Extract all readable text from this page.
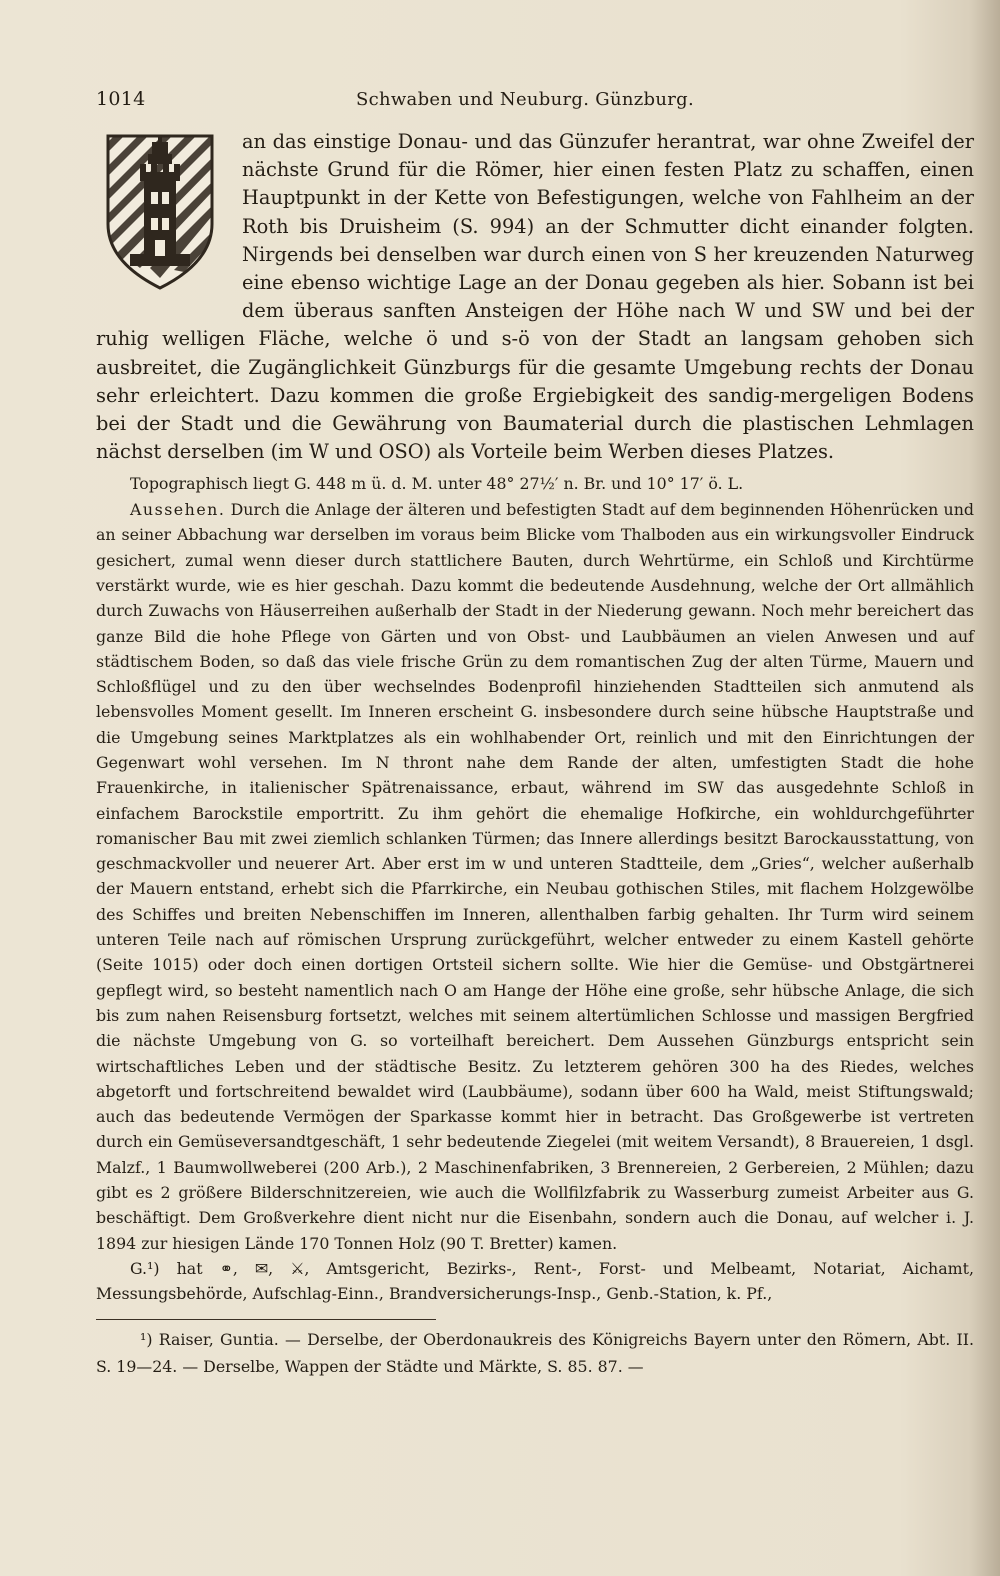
1014	Schwaben und Neuburg. Günzburg.

an das einstige Donau- und das Günzufer herantrat, war ohne Zweifel der nächste Grund für die Römer, hier einen festen Platz zu schaffen, einen Hauptpunkt in der Kette von Befestigungen, welche von Fahlheim an der Roth bis Druisheim (S. 994) an der Schmutter dicht einander folgten. Nirgends bei denselben war durch einen von S her kreuzenden Naturweg eine ebenso wichtige Lage an der Donau gegeben als hier. Sobann ist bei dem überaus sanften Ansteigen der Höhe nach W und SW und bei der ruhig welligen Fläche, welche ö und s-ö von der Stadt an langsam gehoben sich ausbreitet, die Zugänglichkeit Günzburgs für die gesamte Umgebung rechts der Donau sehr erleichtert. Dazu kommen die große Ergiebigkeit des sandig-mergeligen Bodens bei der Stadt und die Gewährung von Baumaterial durch die plastischen Lehmlagen nächst derselben (im W und OSO) als Vorteile beim Werben dieses Platzes.

Topographisch liegt G. 448 m ü. d. M. unter 48° 27½′ n. Br. und 10° 17′ ö. L.

Aussehen. Durch die Anlage der älteren und befestigten Stadt auf dem beginnenden Höhenrücken und an seiner Abbachung war derselben im voraus beim Blicke vom Thalboden aus ein wirkungsvoller Eindruck gesichert, zumal wenn dieser durch stattlichere Bauten, durch Wehrtürme, ein Schloß und Kirchtürme verstärkt wurde, wie es hier geschah. Dazu kommt die bedeutende Ausdehnung, welche der Ort allmählich durch Zuwachs von Häuserreihen außerhalb der Stadt in der Niederung gewann. Noch mehr bereichert das ganze Bild die hohe Pflege von Gärten und von Obst- und Laubbäumen an vielen Anwesen und auf städtischem Boden, so daß das viele frische Grün zu dem romantischen Zug der alten Türme, Mauern und Schloßflügel und zu den über wechselndes Bodenprofil hinziehenden Stadtteilen sich anmutend als lebensvolles Moment gesellt. Im Inneren erscheint G. insbesondere durch seine hübsche Hauptstraße und die Umgebung seines Marktplatzes als ein wohlhabender Ort, reinlich und mit den Einrichtungen der Gegenwart wohl versehen. Im N thront nahe dem Rande der alten, umfestigten Stadt die hohe Frauenkirche, in italienischer Spätrenaissance, erbaut, während im SW das ausgedehnte Schloß in einfachem Barockstile emportritt. Zu ihm gehört die ehemalige Hofkirche, ein wohldurchgeführter romanischer Bau mit zwei ziemlich schlanken Türmen; das Innere allerdings besitzt Barockausstattung, von geschmackvoller und neuerer Art. Aber erst im w und unteren Stadtteile, dem „Gries“, welcher außerhalb der Mauern entstand, erhebt sich die Pfarrkirche, ein Neubau gothischen Stiles, mit flachem Holzgewölbe des Schiffes und breiten Nebenschiffen im Inneren, allenthalben farbig gehalten. Ihr Turm wird seinem unteren Teile nach auf römischen Ursprung zurückgeführt, welcher entweder zu einem Kastell gehörte (Seite 1015) oder doch einen dortigen Ortsteil sichern sollte. Wie hier die Gemüse- und Obstgärtnerei gepflegt wird, so besteht namentlich nach O am Hange der Höhe eine große, sehr hübsche Anlage, die sich bis zum nahen Reisensburg fortsetzt, welches mit seinem altertümlichen Schlosse und massigen Bergfried die nächste Umgebung von G. so vorteilhaft bereichert. Dem Aussehen Günzburgs entspricht sein wirtschaftliches Leben und der städtische Besitz. Zu letzterem gehören 300 ha des Riedes, welches abgetorft und fortschreitend bewaldet wird (Laubbäume), sodann über 600 ha Wald, meist Stiftungswald; auch das bedeutende Vermögen der Sparkasse kommt hier in betracht. Das Großgewerbe ist vertreten durch ein Gemüseversandtgeschäft, 1 sehr bedeutende Ziegelei (mit weitem Versandt), 8 Brauereien, 1 dsgl. Malzf., 1 Baumwollweberei (200 Arb.), 2 Maschinenfabriken, 3 Brennereien, 2 Gerbereien, 2 Mühlen; dazu gibt es 2 größere Bilderschnitzereien, wie auch die Wollfilzfabrik zu Wasserburg zumeist Arbeiter aus G. beschäftigt. Dem Großverkehre dient nicht nur die Eisenbahn, sondern auch die Donau, auf welcher i. J. 1894 zur hiesigen Lände 170 Tonnen Holz (90 T. Bretter) kamen.

G.¹) hat ⚭, ✉, ⚔, Amtsgericht, Bezirks-, Rent-, Forst- und Melbeamt, Notariat, Aichamt, Messungsbehörde, Aufschlag-Einn., Brandversicherungs-Insp., Genb.-Station, k. Pf.,

¹) Raiser, Guntia. — Derselbe, der Oberdonaukreis des Königreichs Bayern unter den Römern, Abt. II. S. 19—24. — Derselbe, Wappen der Städte und Märkte, S. 85. 87. —
